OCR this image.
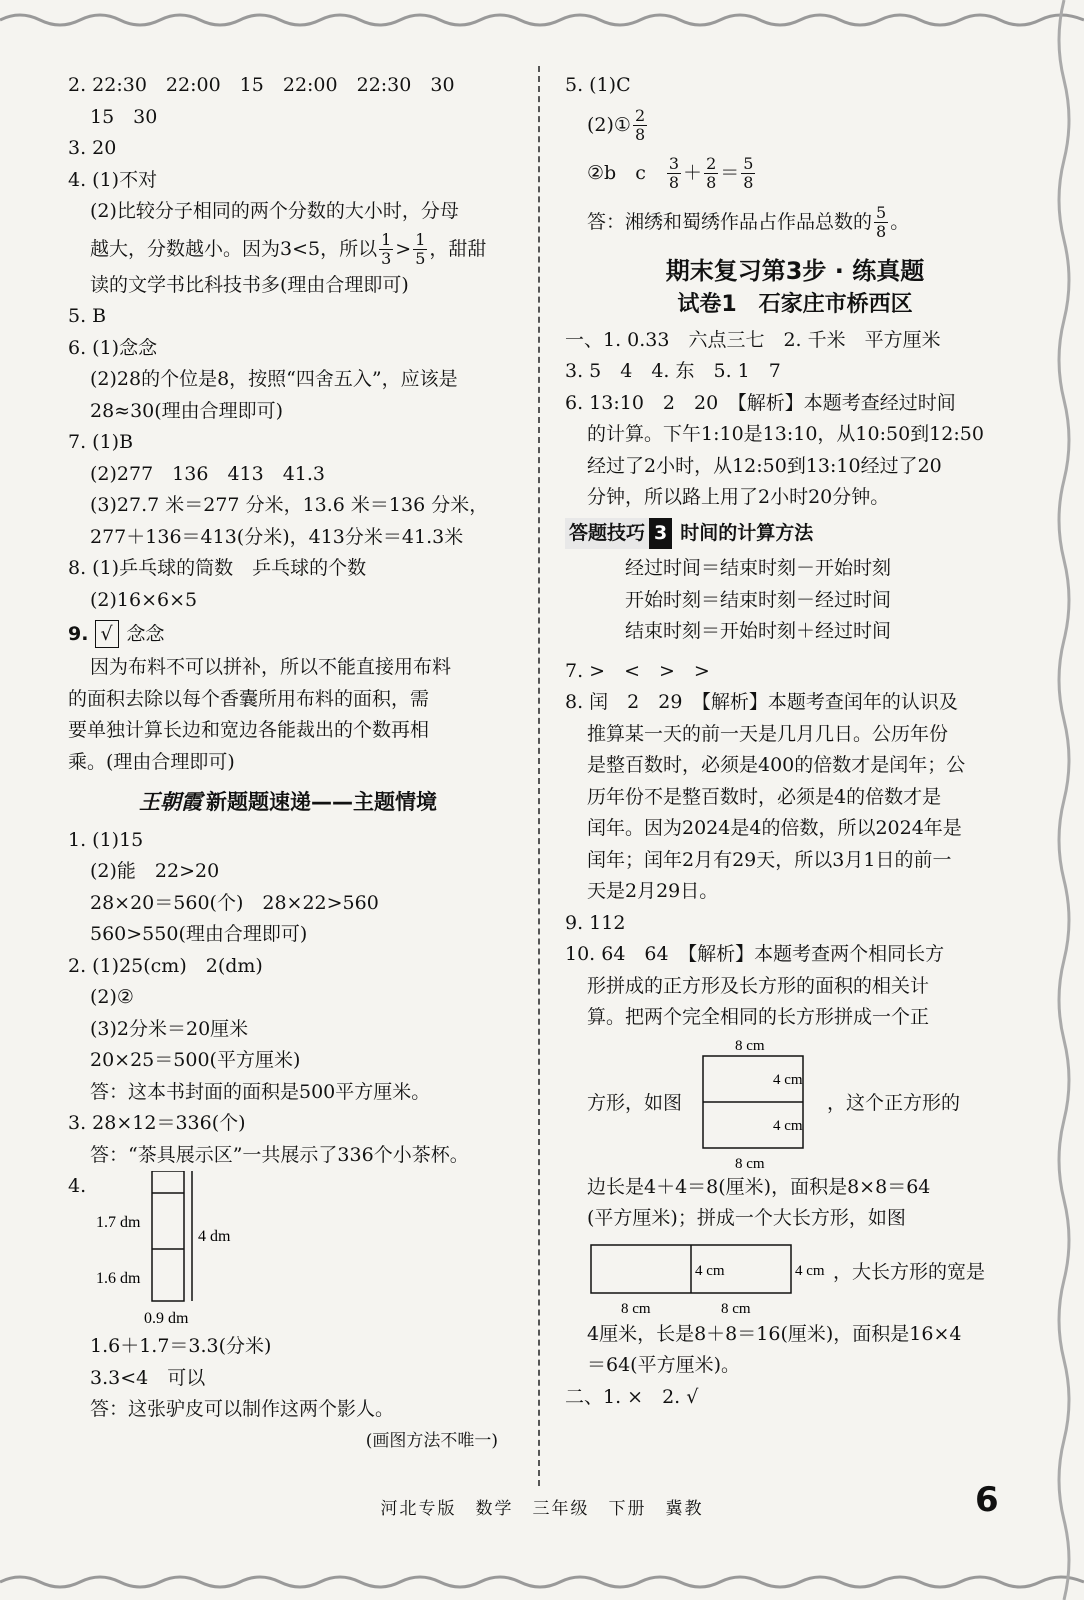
2. 22:30　22:00　15　22:00　22:30　30
15　30
3. 20
4. (1)不对
(2)比较分子相同的两个分数的大小时，分母
越大，分数越小。因为3<5，所以 $\frac{1}{3} > \frac{1}{5}$ ，甜甜
读的文学书比科技书多(理由合理即可)
5. B
6. (1)念念
(2)28的个位是8，按照“四舍五入”，应该是
28≈30(理由合理即可)
7. (1)B
(2)277　136　413　41.3
(3)27.7 米＝277 分米，13.6 米＝136 分米，
277＋136＝413(分米)，413分米＝41.3米
8. (1)乒乓球的筒数　乒乓球的个数
(2)16×6×5
9. √ 念念
因为布料不可以拼补，所以不能直接用布料
的面积去除以每个香囊所用布料的面积，需
要单独计算长边和宽边各能裁出的个数再相
乘。(理由合理即可)
王朝霞 新题题速递——主题情境
1. (1)15
(2)能　22>20
28×20＝560(个)　28×22>560
560>550(理由合理即可)
2. (1)25(cm)　2(dm)
(2)②
(3)2分米＝20厘米
20×25＝500(平方厘米)
答：这本书封面的面积是500平方厘米。
3. 28×12＝336(个)
答：“茶具展示区”一共展示了336个小茶杯。
4.
1.7 dm
1.6 dm
4 dm
0.9 dm
1.6＋1.7＝3.3(分米)
3.3<4　可以
答：这张驴皮可以制作这两个影人。
(画图方法不唯一)
5. (1)C
(2)① $\frac{2}{8}$
②b　c　 $\frac{3}{8} + \frac{2}{8} = \frac{5}{8}$
答：湘绣和蜀绣作品占作品总数的 $\frac{5}{8}$ 。
期末复习第3步 · 练真题
试卷1　石家庄市桥西区
一、1. 0.33　六点三七　2. 千米　平方厘米
3. 5　4　4. 东　5. 1　7
6. 13:10　2　20　【解析】本题考查经过时间
的计算。下午1:10是13:10，从10:50到12:50
经过了2小时，从12:50到13:10经过了20
分钟，所以路上用了2小时20分钟。
答题技巧 3 时间的计算方法
经过时间＝结束时刻－开始时刻
开始时刻＝结束时刻－经过时间
结束时刻＝开始时刻＋经过时间
7. >　<　>　>
8. 闰　2　29　【解析】本题考查闰年的认识及
推算某一天的前一天是几月几日。公历年份
是整百数时，必须是400的倍数才是闰年；公
历年份不是整百数时，必须是4的倍数才是
闰年。因为2024是4的倍数，所以2024年是
闰年；闰年2月有29天，所以3月1日的前一
天是2月29日。
9. 112
10. 64　64　【解析】本题考查两个相同长方
形拼成的正方形及长方形的面积的相关计
算。把两个完全相同的长方形拼成一个正
方形，如图
8 cm
4 cm
4 cm
8 cm
，这个正方形的
边长是4＋4＝8(厘米)，面积是8×8＝64
(平方厘米)；拼成一个大长方形，如图
4 cm	4 cm
8 cm	8 cm
，大长方形的宽是
4厘米，长是8＋8＝16(厘米)，面积是16×4
＝64(平方厘米)。
二、1. ×　2. √
河北专版　数学　三年级　下册　冀教	6
